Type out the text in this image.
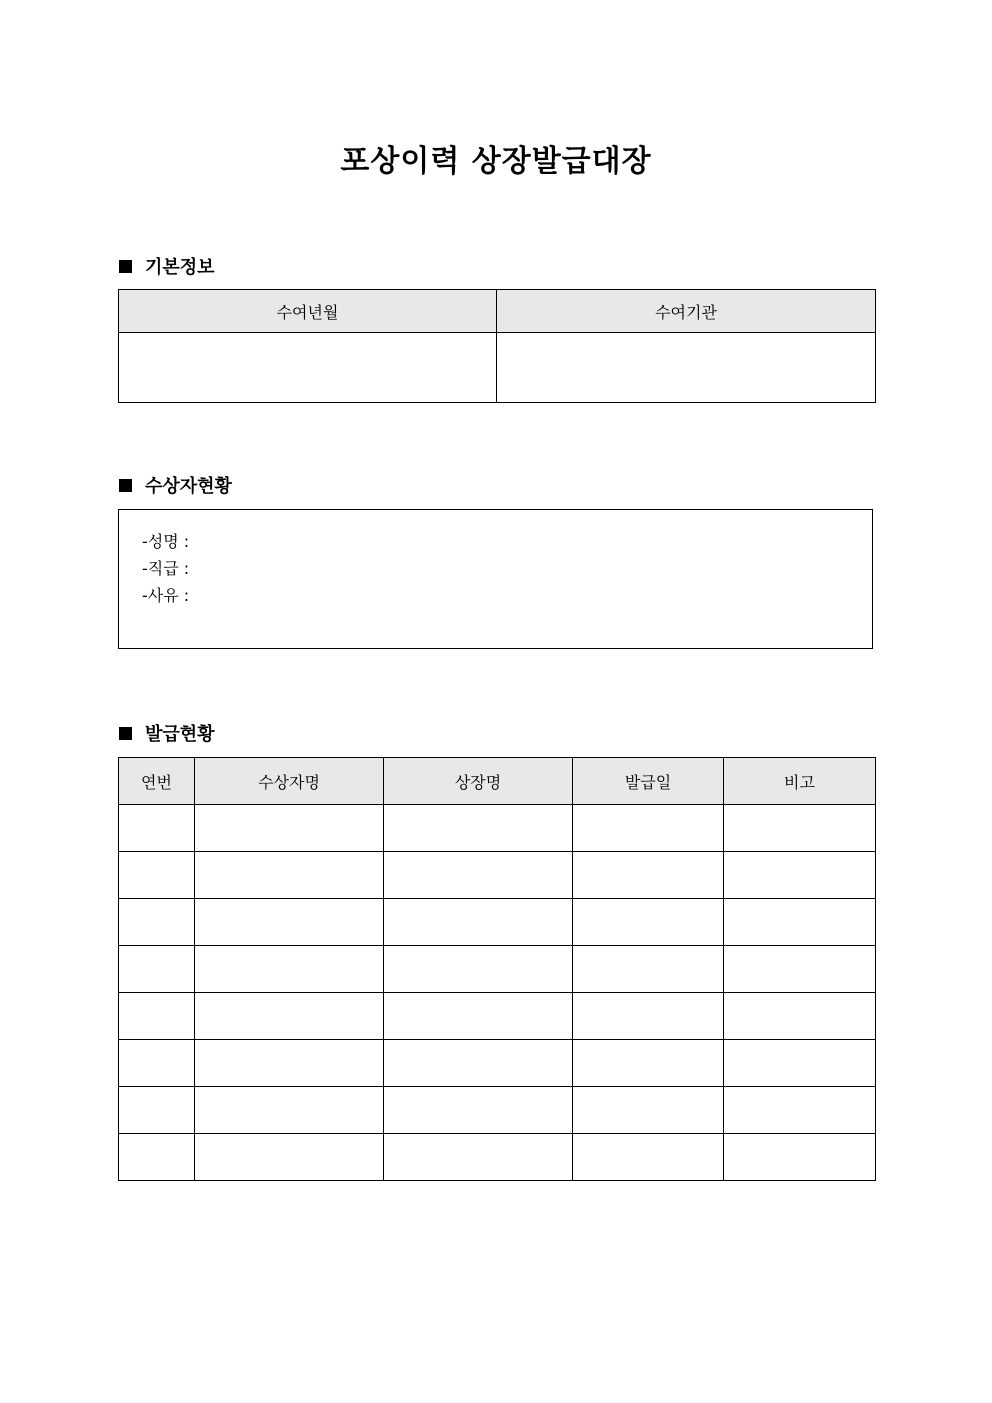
포상이력 상장발급대장
기본정보
수여년월	수여기관

수상자현황
-성명 :
-직급 :
-사유 :
발급현황
연번	수상자명	상장명	발급일	비고
